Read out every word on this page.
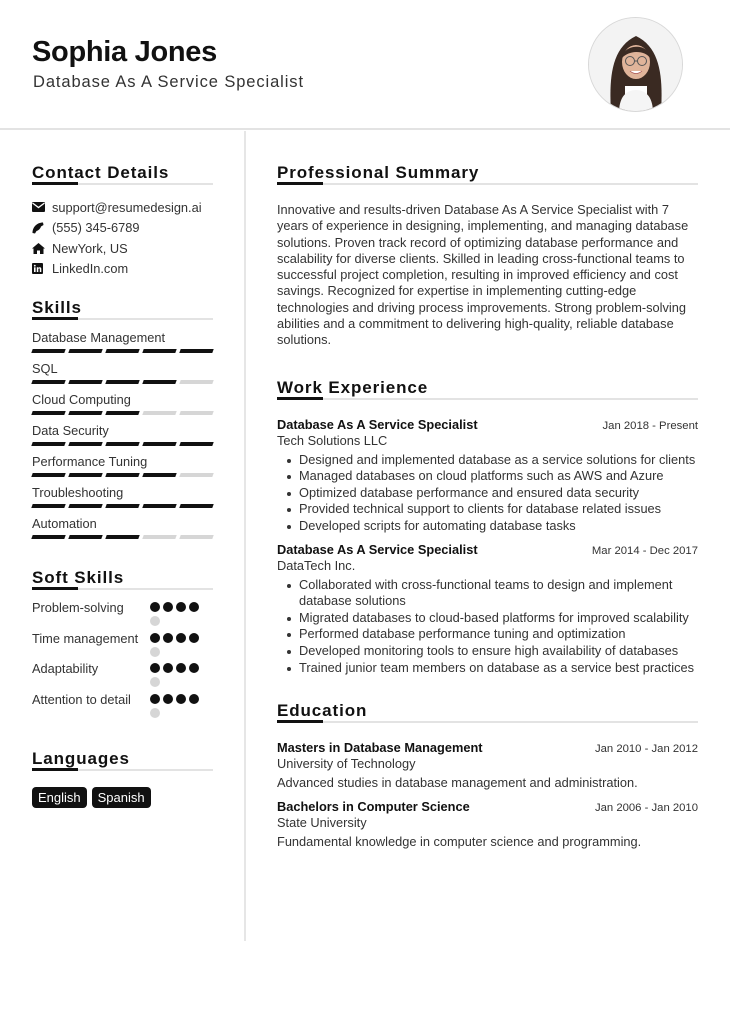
Sophia Jones
Database As A Service Specialist
Contact Details
support@resumedesign.ai
(555) 345-6789
NewYork, US
LinkedIn.com
Skills
Database Management
SQL
Cloud Computing
Data Security
Performance Tuning
Troubleshooting
Automation
Soft Skills
Problem-solving
Time management
Adaptability
Attention to detail
Languages
English	Spanish
Professional Summary

Innovative and results-driven Database As A Service Specialist with 7 years of experience in designing, implementing, and managing database solutions. Proven track record of optimizing database performance and scalability for diverse clients. Skilled in leading cross-functional teams to successful project completion, resulting in improved efficiency and cost savings. Recognized for expertise in implementing cutting-edge technologies and driving process improvements. Strong problem-solving abilities and a commitment to delivering high-quality, reliable database solutions.

Work Experience
Database As A Service Specialist	Jan 2018 - Present
Tech Solutions LLC
Designed and implemented database as a service solutions for clients
Managed databases on cloud platforms such as AWS and Azure
Optimized database performance and ensured data security
Provided technical support to clients for database related issues
Developed scripts for automating database tasks
Database As A Service Specialist	Mar 2014 - Dec 2017
DataTech Inc.
Collaborated with cross-functional teams to design and implement database solutions
Migrated databases to cloud-based platforms for improved scalability
Performed database performance tuning and optimization
Developed monitoring tools to ensure high availability of databases
Trained junior team members on database as a service best practices
Education
Masters in Database Management	Jan 2010 - Jan 2012
University of Technology
Advanced studies in database management and administration.
Bachelors in Computer Science	Jan 2006 - Jan 2010
State University
Fundamental knowledge in computer science and programming.
